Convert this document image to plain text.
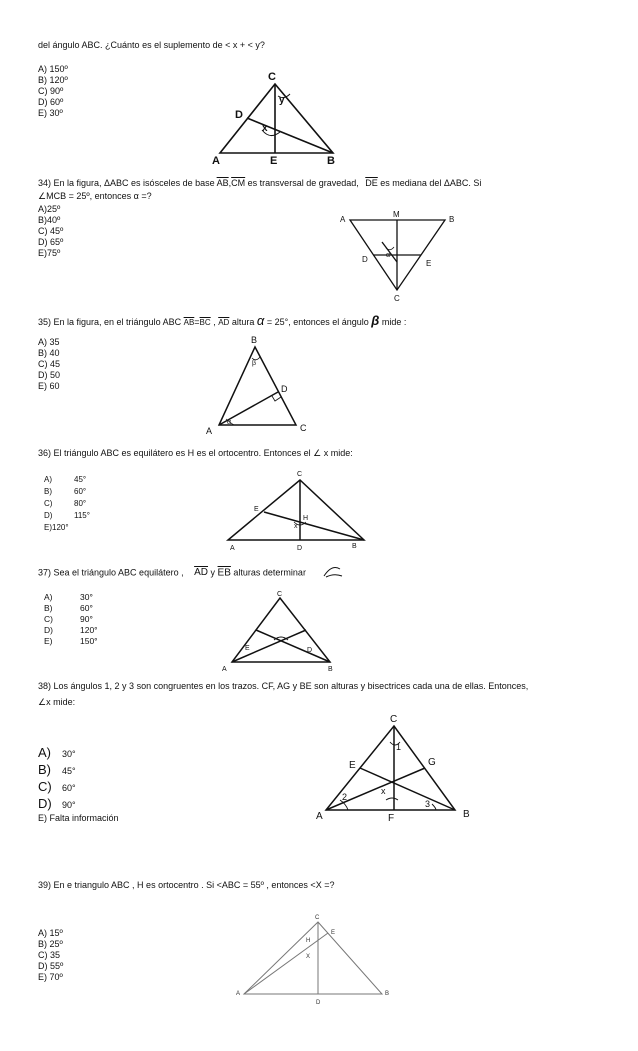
del ángulo ABC. ¿Cuánto es el suplemento de < x + < y?
A) 150º
B) 120º
C) 90º
D) 60º
E) 30º
A	E	B
C
D
x
y
34) En la figura, ΔABC es isósceles de base $\overline{AB},\overline{CM}$ es transversal de gravedad, $\overline{DE}$ es mediana del ΔABC. Si
∠MCB = 25º, entonces α =?
A)25º
B)40º
C) 45º
D) 65º
E)75º
A
M
B
D	E
C
α
35) En la figura, en el triángulo ABC $\overline{AB}=\overline{BC}$ , $\overline{AD}$ altura α = 25°, entonces el ángulo β mide :
A) 35
B) 40
C) 45
D) 50
E) 60
B
D
A	C
α
β
36) El triángulo ABC es equilátero es H es el ortocentro. Entonces el ∠ x mide:
A)	45°
B)	60°
C)	80°
D)	115°
E)120°
C
E
H
x
A	D	B
37) Sea el triángulo ABC equilátero , $\overline{AD}$ y $\overline{EB}$ alturas determinar
A)	30°
B)	60°
C)	90°
D)	120°
E)	150°
C
E	D
A	B
38) Los ángulos 1, 2 y 3 son congruentes en los trazos. CF, AG y BE son alturas y bisectrices cada una de ellas. Entonces,
∠x mide:
A) 30°
B) 45°
C) 60°
D) 90°
E) Falta información
C
E	G
A	F	B
1
2
3
x
39) En e triangulo ABC , H es ortocentro . Si <ABC = 55º , entonces <X =?
A) 15º
B) 25º
C) 35
D) 55º
E) 70º
C
E
H
X
A	B
D
